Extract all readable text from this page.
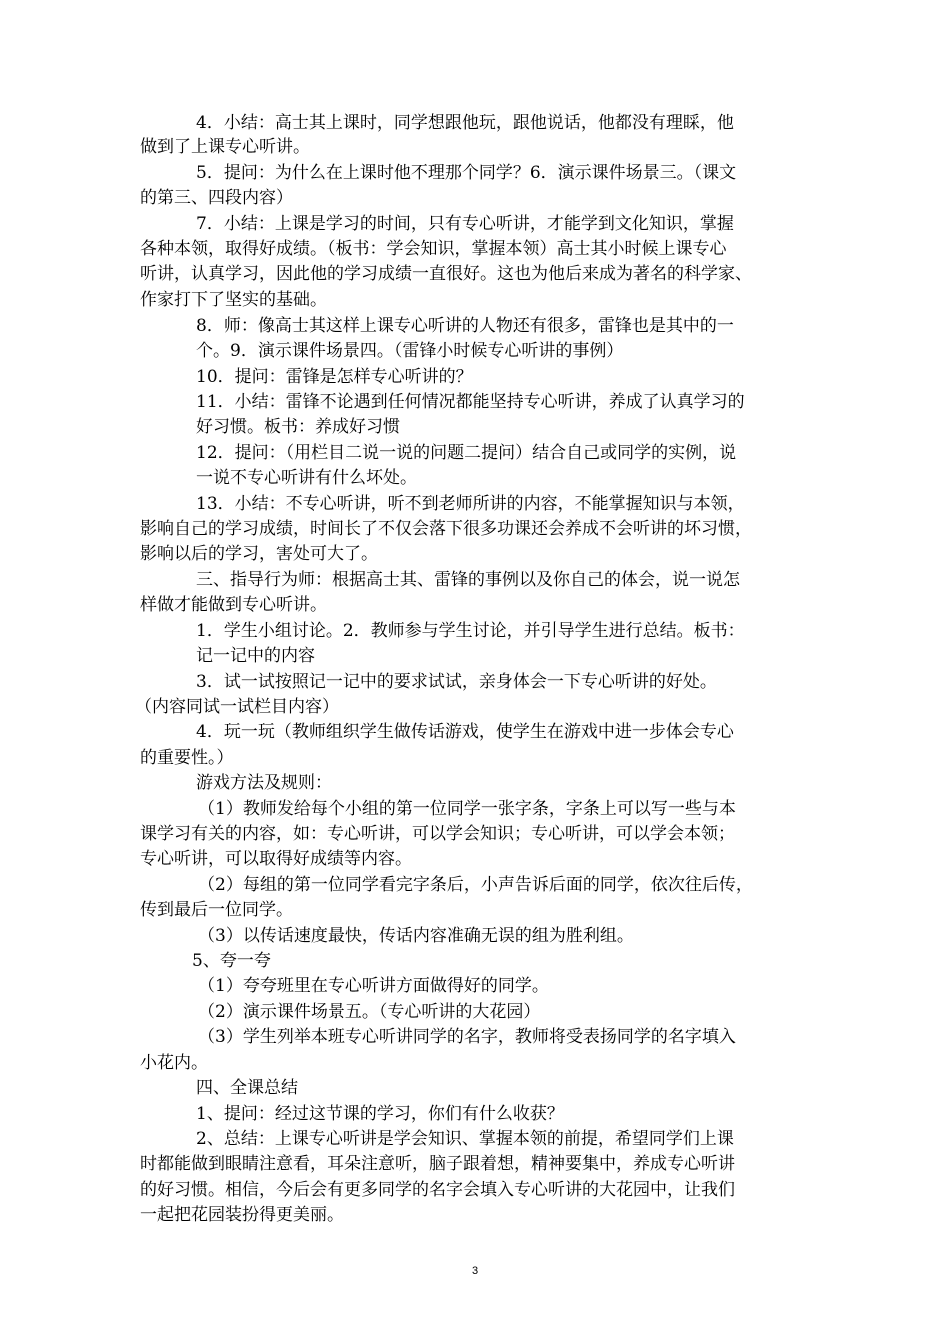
4．小结：高士其上课时，同学想跟他玩，跟他说话，他都没有理睬，他
做到了上课专心听讲。
5．提问：为什么在上课时他不理那个同学？6．演示课件场景三。（课文
的第三、四段内容）
7．小结：上课是学习的时间，只有专心听讲，才能学到文化知识，掌握
各种本领，取得好成绩。（板书：学会知识，掌握本领）高士其小时候上课专心
听讲，认真学习，因此他的学习成绩一直很好。这也为他后来成为著名的科学家、
作家打下了坚实的基础。
8．师：像高士其这样上课专心听讲的人物还有很多，雷锋也是其中的一
个。9．演示课件场景四。（雷锋小时候专心听讲的事例）
10．提问：雷锋是怎样专心听讲的？
11．小结：雷锋不论遇到任何情况都能坚持专心听讲，养成了认真学习的
好习惯。板书：养成好习惯
12．提问：（用栏目二说一说的问题二提问）结合自己或同学的实例，说
一说不专心听讲有什么坏处。
13．小结：不专心听讲，听不到老师所讲的内容，不能掌握知识与本领，
影响自己的学习成绩，时间长了不仅会落下很多功课还会养成不会听讲的坏习惯，
影响以后的学习，害处可大了。
三、指导行为师：根据高士其、雷锋的事例以及你自己的体会，说一说怎
样做才能做到专心听讲。
1．学生小组讨论。2．教师参与学生讨论，并引导学生进行总结。板书：
记一记中的内容
3．试一试按照记一记中的要求试试，亲身体会一下专心听讲的好处。
（内容同试一试栏目内容）
4．玩一玩（教师组织学生做传话游戏，使学生在游戏中进一步体会专心
的重要性。）
游戏方法及规则：
（1）教师发给每个小组的第一位同学一张字条，字条上可以写一些与本
课学习有关的内容，如：专心听讲，可以学会知识；专心听讲，可以学会本领；
专心听讲，可以取得好成绩等内容。
（2）每组的第一位同学看完字条后，小声告诉后面的同学，依次往后传，
传到最后一位同学。
（3）以传话速度最快，传话内容准确无误的组为胜利组。
5、夸一夸
（1）夸夸班里在专心听讲方面做得好的同学。
（2）演示课件场景五。（专心听讲的大花园）
（3）学生列举本班专心听讲同学的名字，教师将受表扬同学的名字填入
小花内。
四、全课总结
1、提问：经过这节课的学习，你们有什么收获？
2、总结：上课专心听讲是学会知识、掌握本领的前提，希望同学们上课
时都能做到眼睛注意看，耳朵注意听，脑子跟着想，精神要集中，养成专心听讲
的好习惯。相信，今后会有更多同学的名字会填入专心听讲的大花园中，让我们
一起把花园装扮得更美丽。
3
